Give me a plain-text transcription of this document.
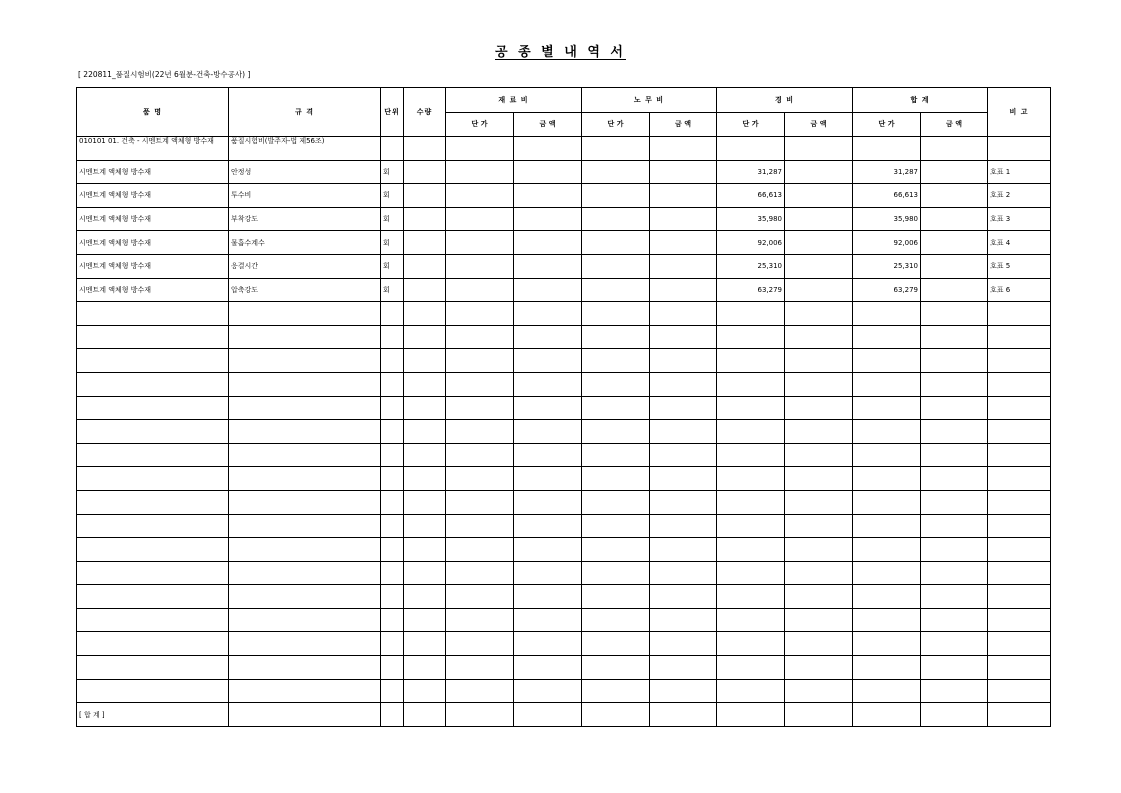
공 종 별 내 역 서
[ 220811_품질시험비(22년 6월분-건축-방수공사) ]
품 명	규 격	단위	수량	재 료 비		노 무 비		경 비		합 계		비 고
				단 가	금 액	단 가	금 액	단 가	금 액	단 가	금 액	
010101 01. 건축 - 시멘트계 액체형 방수재	품질시험비(발주자-법 제56조)											
시멘트계 액체형 방수재	안정성	회						31,287		31,287		호표 1
시멘트계 액체형 방수재	투수비	회						66,613		66,613		호표 2
시멘트계 액체형 방수재	부착강도	회						35,980		35,980		호표 3
시멘트계 액체형 방수재	물흡수계수	회						92,006		92,006		호표 4
시멘트계 액체형 방수재	응결시간	회						25,310		25,310		호표 5
시멘트계 액체형 방수재	압축강도	회						63,279		63,279		호표 6

[ 합 계 ]												
